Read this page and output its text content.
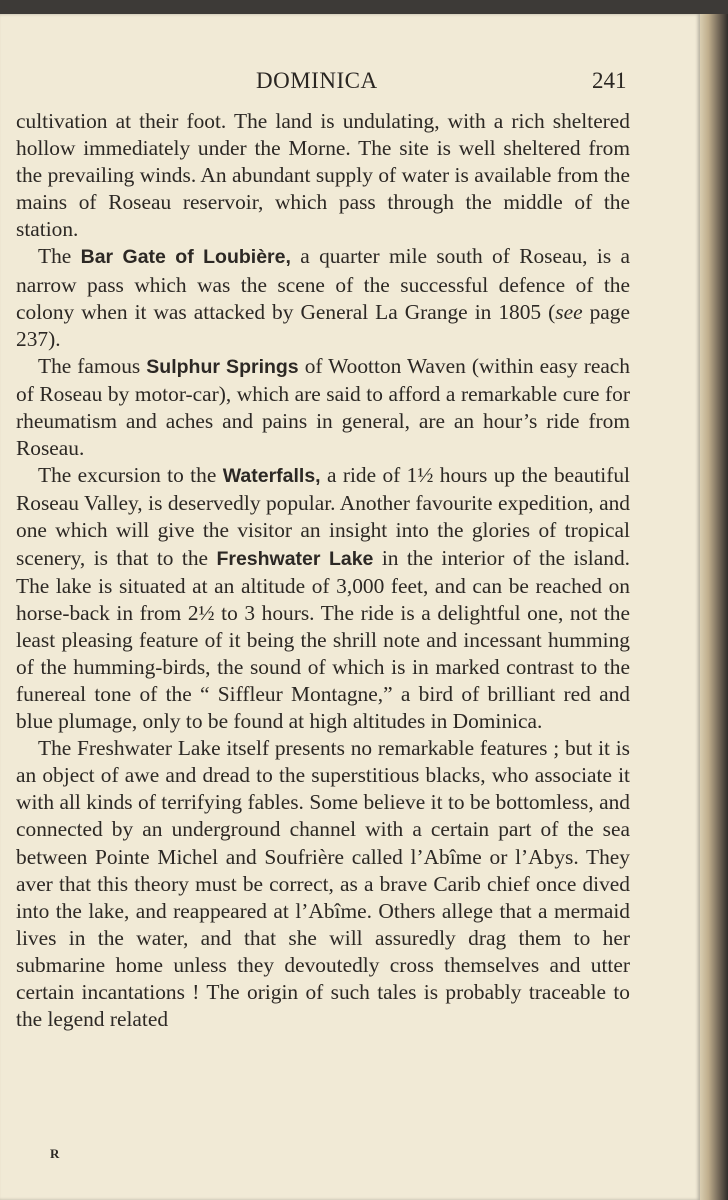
DOMINICA	241

cultivation at their foot. The land is undulating, with a rich sheltered hollow immediately under the Morne. The site is well sheltered from the prevailing winds. An abundant supply of water is available from the mains of Roseau reservoir, which pass through the middle of the station.

The Bar Gate of Loubière, a quarter mile south of Roseau, is a narrow pass which was the scene of the successful defence of the colony when it was attacked by General La Grange in 1805 (see page 237).

The famous Sulphur Springs of Wootton Waven (within easy reach of Roseau by motor-car), which are said to afford a remarkable cure for rheumatism and aches and pains in general, are an hour’s ride from Roseau.

The excursion to the Waterfalls, a ride of 1½ hours up the beautiful Roseau Valley, is deservedly popular. Another favourite expedition, and one which will give the visitor an insight into the glories of tropical scenery, is that to the Freshwater Lake in the interior of the island. The lake is situated at an altitude of 3,000 feet, and can be reached on horse-back in from 2½ to 3 hours. The ride is a delightful one, not the least pleasing feature of it being the shrill note and incessant humming of the humming-birds, the sound of which is in marked contrast to the funereal tone of the “ Siffleur Montagne,” a bird of brilliant red and blue plumage, only to be found at high altitudes in Dominica.

The Freshwater Lake itself presents no remarkable features ; but it is an object of awe and dread to the superstitious blacks, who associate it with all kinds of terrifying fables. Some believe it to be bottomless, and connected by an underground channel with a certain part of the sea between Pointe Michel and Soufrière called l’Abîme or l’Abys. They aver that this theory must be correct, as a brave Carib chief once dived into the lake, and reappeared at l’Abîme. Others allege that a mermaid lives in the water, and that she will assuredly drag them to her submarine home unless they devoutedly cross themselves and utter certain incantations ! The origin of such tales is probably traceable to the legend related

R
